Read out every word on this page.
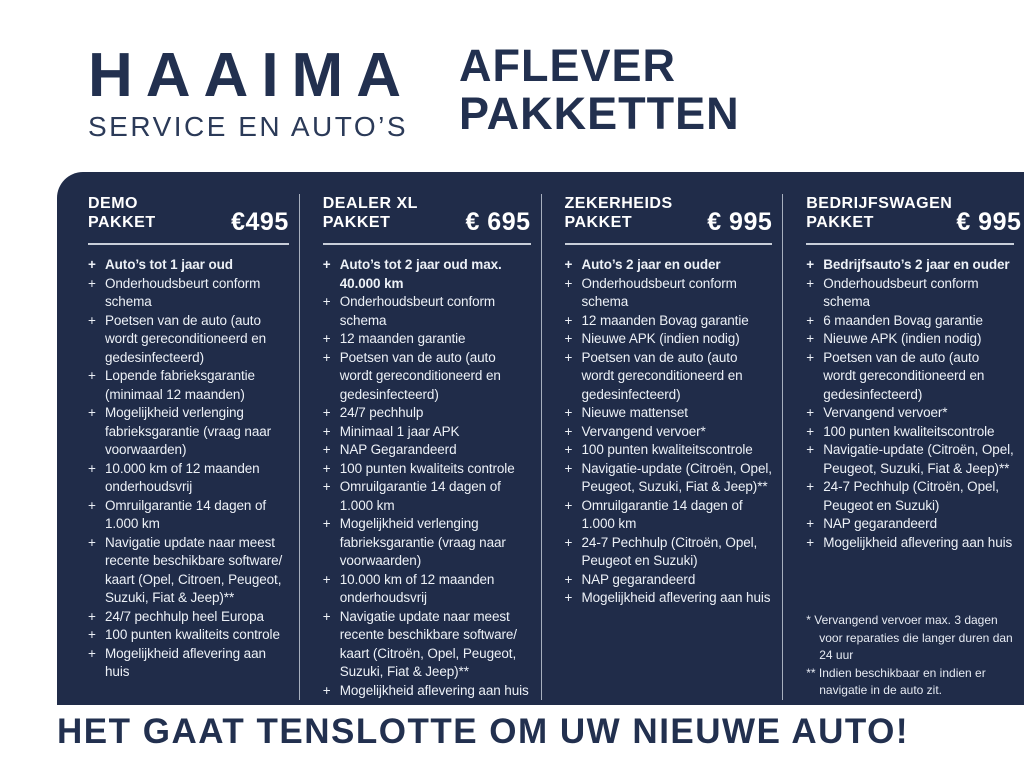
HAAIMA
SERVICE EN AUTO’S
AFLEVER
PAKKETTEN
DEMO
PAKKET	€495
+ Auto’s tot 1 jaar oud
+ Onderhoudsbeurt conform schema
+ Poetsen van de auto (auto wordt gereconditioneerd en gedesinfecteerd)
+ Lopende fabrieksgarantie (minimaal 12 maanden)
+ Mogelijkheid verlenging fabrieksgarantie (vraag naar voorwaarden)
+ 10.000 km of 12 maanden onderhoudsvrij
+ Omruilgarantie 14 dagen of 1.000 km
+ Navigatie update naar meest recente beschikbare software/ kaart (Opel, Citroen, Peugeot, Suzuki, Fiat & Jeep)**
+ 24/7 pechhulp heel Europa
+ 100 punten kwaliteits controle
+ Mogelijkheid aflevering aan huis
DEALER XL
PAKKET	€ 695
+ Auto’s tot 2 jaar oud max. 40.000 km
+ Onderhoudsbeurt conform schema
+ 12 maanden garantie
+ Poetsen van de auto (auto wordt gereconditioneerd en gedesinfecteerd)
+ 24/7 pechhulp
+ Minimaal 1 jaar APK
+ NAP Gegarandeerd
+ 100 punten kwaliteits controle
+ Omruilgarantie 14 dagen of 1.000 km
+ Mogelijkheid verlenging fabrieksgarantie (vraag naar voorwaarden)
+ 10.000 km of 12 maanden onderhoudsvrij
+ Navigatie update naar meest recente beschikbare software/ kaart (Citroën, Opel, Peugeot, Suzuki, Fiat & Jeep)**
+ Mogelijkheid aflevering aan huis
ZEKERHEIDS
PAKKET	€ 995
+ Auto’s 2 jaar en ouder
+ Onderhoudsbeurt conform schema
+ 12 maanden Bovag garantie
+ Nieuwe APK (indien nodig)
+ Poetsen van de auto (auto wordt gereconditioneerd en gedesinfecteerd)
+ Nieuwe mattenset
+ Vervangend vervoer*
+ 100 punten kwaliteitscontrole
+ Navigatie-update (Citroën, Opel, Peugeot, Suzuki, Fiat & Jeep)**
+ Omruilgarantie 14 dagen of 1.000 km
+ 24-7 Pechhulp (Citroën, Opel, Peugeot en Suzuki)
+ NAP gegarandeerd
+ Mogelijkheid aflevering aan huis
BEDRIJFSWAGEN
PAKKET	€ 995
+ Bedrijfsauto’s 2 jaar en ouder
+ Onderhoudsbeurt conform schema
+ 6 maanden Bovag garantie
+ Nieuwe APK (indien nodig)
+ Poetsen van de auto (auto wordt gereconditioneerd en gedesinfecteerd)
+ Vervangend vervoer*
+ 100 punten kwaliteitscontrole
+ Navigatie-update (Citroën, Opel, Peugeot, Suzuki, Fiat & Jeep)**
+ 24-7 Pechhulp (Citroën, Opel, Peugeot en Suzuki)
+ NAP gegarandeerd
+ Mogelijkheid aflevering aan huis
* Vervangend vervoer max. 3 dagen voor reparaties die langer duren dan 24 uur
** Indien beschikbaar en indien er navigatie in de auto zit.
HET GAAT TENSLOTTE OM UW NIEUWE AUTO!
